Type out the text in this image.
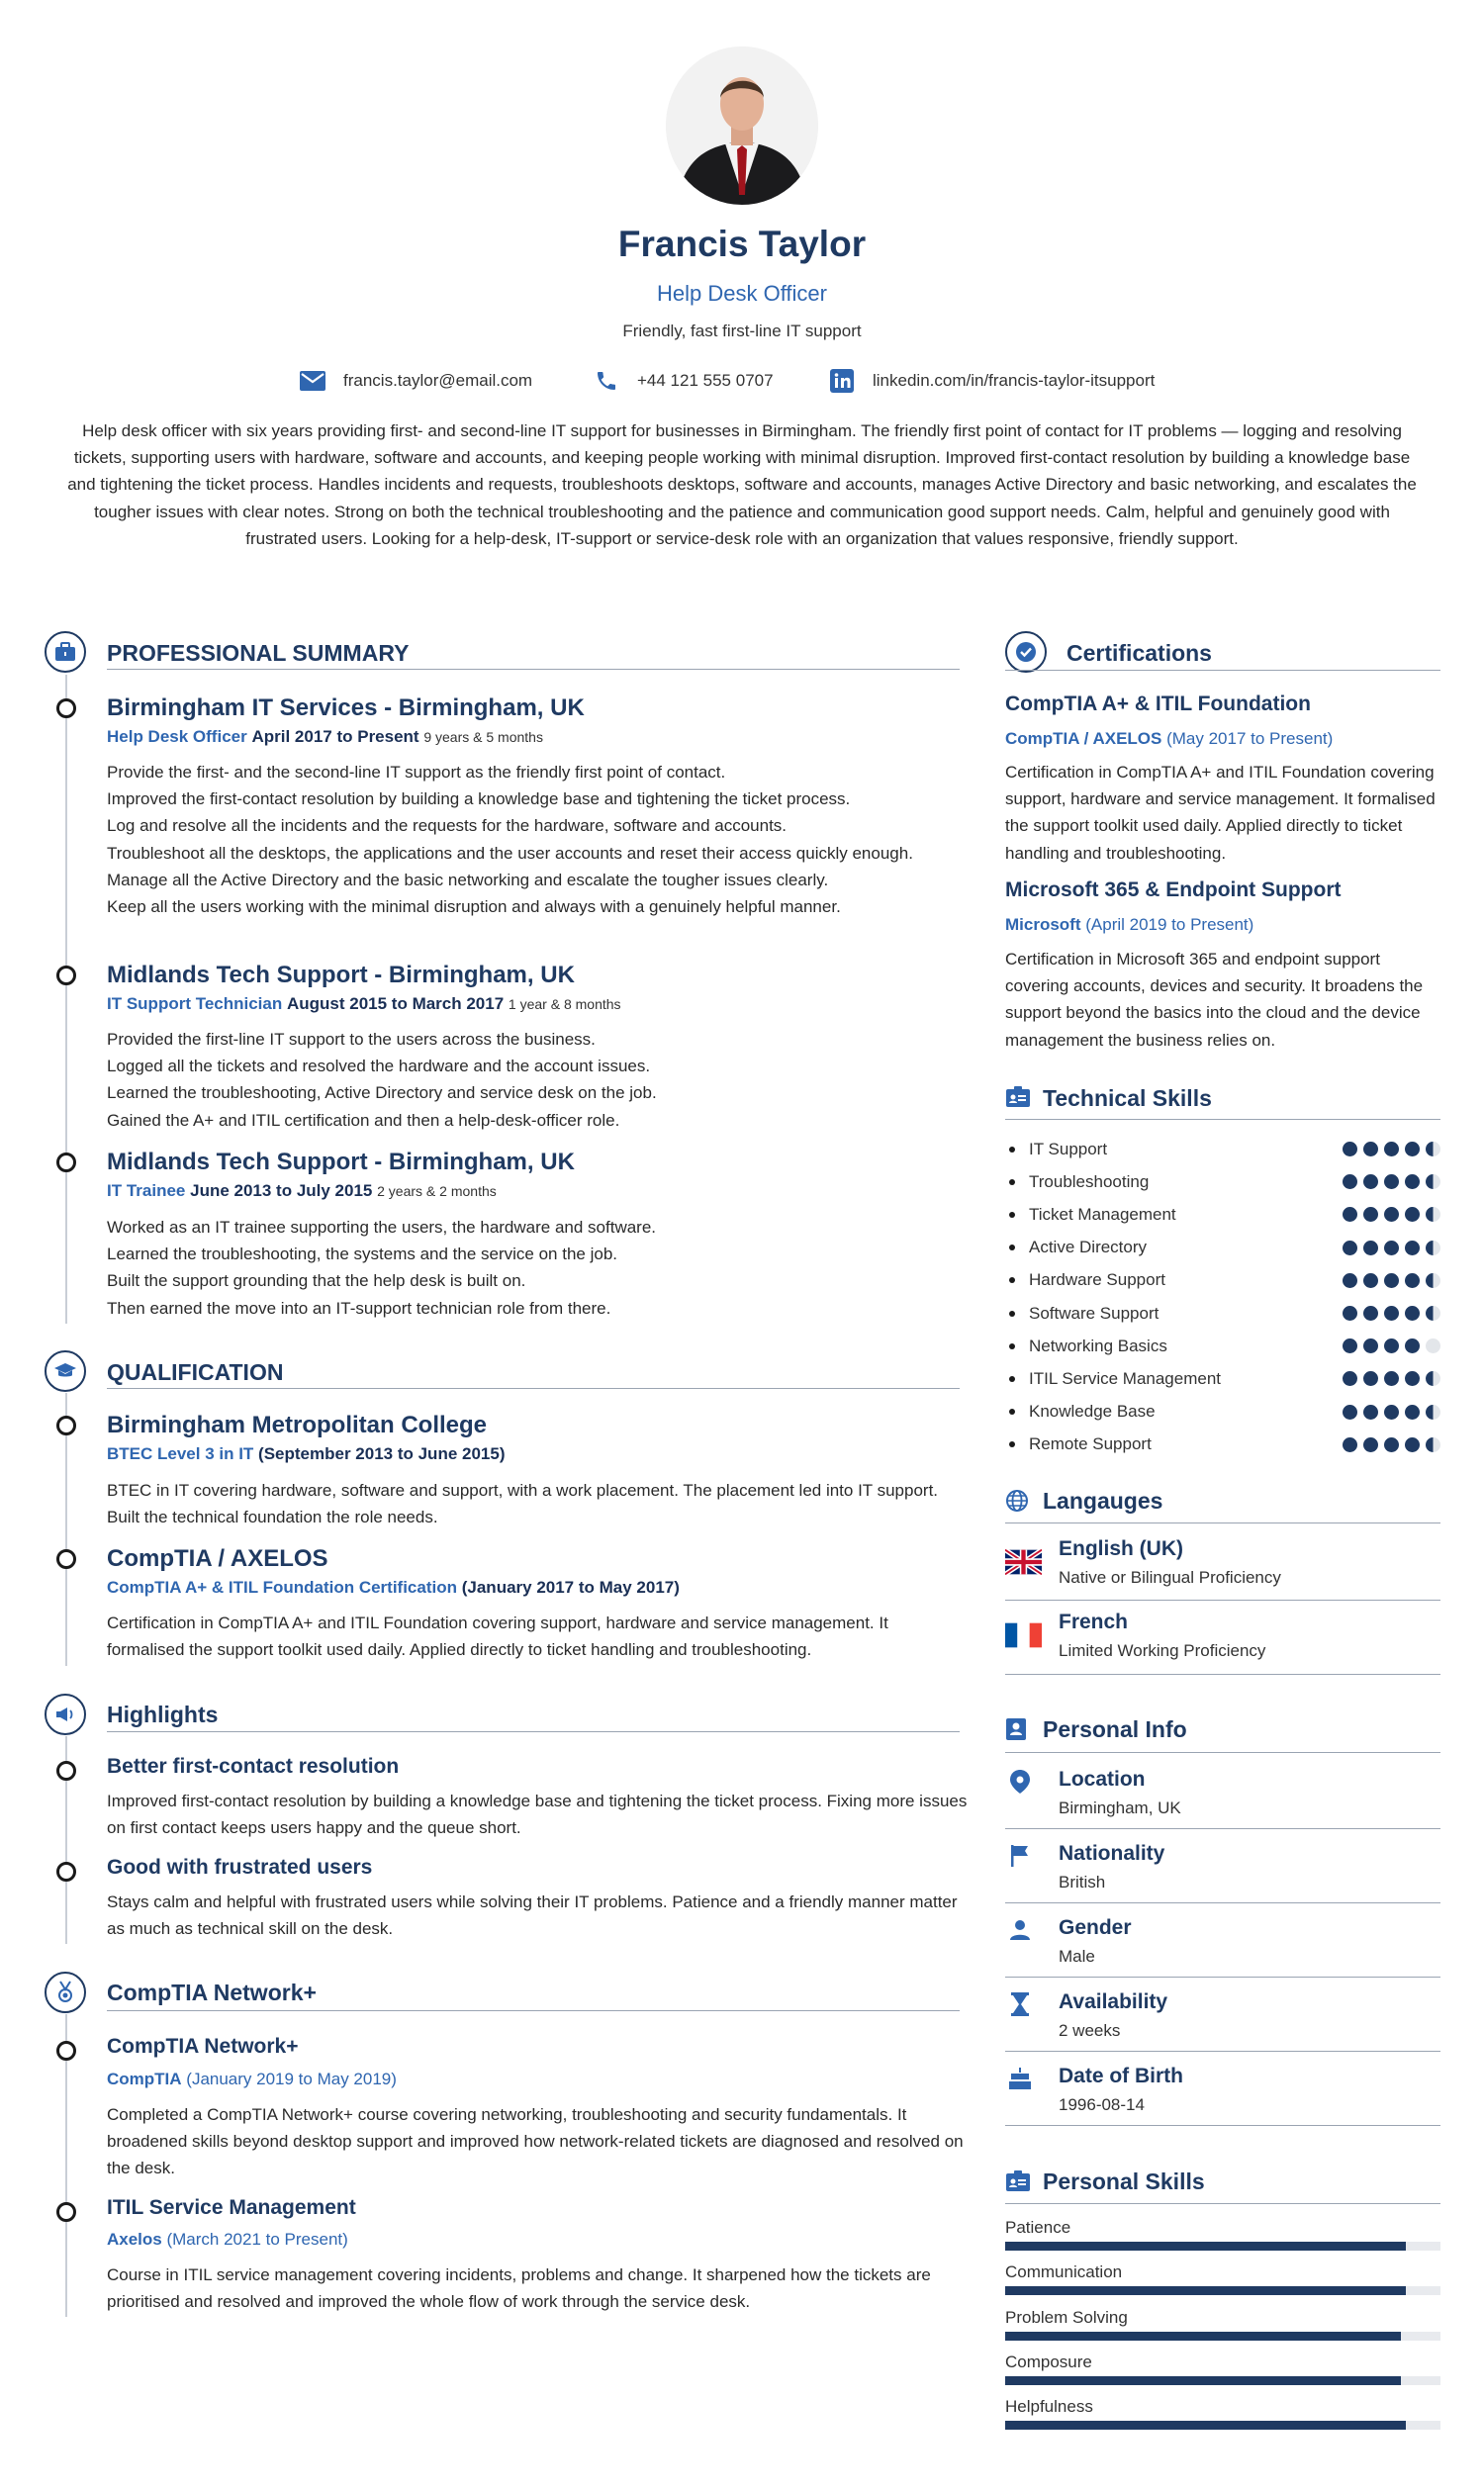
Francis Taylor
Help Desk Officer
Friendly, fast first-line IT support
francis.taylor@email.com	+44 121 555 0707	linkedin.com/in/francis-taylor-itsupport
Help desk officer with six years providing first- and second-line IT support for businesses in Birmingham. The friendly first point of contact for IT problems — logging and resolving tickets, supporting users with hardware, software and accounts, and keeping people working with minimal disruption. Improved first-contact resolution by building a knowledge base and tightening the ticket process. Handles incidents and requests, troubleshoots desktops, software and accounts, manages Active Directory and basic networking, and escalates the tougher issues with clear notes. Strong on both the technical troubleshooting and the patience and communication good support needs. Calm, helpful and genuinely good with frustrated users. Looking for a help-desk, IT-support or service-desk role with an organization that values responsive, friendly support.
PROFESSIONAL SUMMARY
Birmingham IT Services - Birmingham, UK
Help Desk Officer April 2017 to Present 9 years & 5 months
Provide the first- and the second-line IT support as the friendly first point of contact.
Improved the first-contact resolution by building a knowledge base and tightening the ticket process.
Log and resolve all the incidents and the requests for the hardware, software and accounts.
Troubleshoot all the desktops, the applications and the user accounts and reset their access quickly enough.
Manage all the Active Directory and the basic networking and escalate the tougher issues clearly.
Keep all the users working with the minimal disruption and always with a genuinely helpful manner.
Midlands Tech Support - Birmingham, UK
IT Support Technician August 2015 to March 2017 1 year & 8 months
Provided the first-line IT support to the users across the business.
Logged all the tickets and resolved the hardware and the account issues.
Learned the troubleshooting, Active Directory and service desk on the job.
Gained the A+ and ITIL certification and then a help-desk-officer role.
Midlands Tech Support - Birmingham, UK
IT Trainee June 2013 to July 2015 2 years & 2 months
Worked as an IT trainee supporting the users, the hardware and software.
Learned the troubleshooting, the systems and the service on the job.
Built the support grounding that the help desk is built on.
Then earned the move into an IT-support technician role from there.
QUALIFICATION
Birmingham Metropolitan College
BTEC Level 3 in IT (September 2013 to June 2015)
BTEC in IT covering hardware, software and support, with a work placement. The placement led into IT support. Built the technical foundation the role needs.
CompTIA / AXELOS
CompTIA A+ & ITIL Foundation Certification (January 2017 to May 2017)
Certification in CompTIA A+ and ITIL Foundation covering support, hardware and service management. It formalised the support toolkit used daily. Applied directly to ticket handling and troubleshooting.
Highlights
Better first-contact resolution
Improved first-contact resolution by building a knowledge base and tightening the ticket process. Fixing more issues on first contact keeps users happy and the queue short.
Good with frustrated users
Stays calm and helpful with frustrated users while solving their IT problems. Patience and a friendly manner matter as much as technical skill on the desk.
CompTIA Network+
CompTIA Network+
CompTIA (January 2019 to May 2019)
Completed a CompTIA Network+ course covering networking, troubleshooting and security fundamentals. It broadened skills beyond desktop support and improved how network-related tickets are diagnosed and resolved on the desk.
ITIL Service Management
Axelos (March 2021 to Present)
Course in ITIL service management covering incidents, problems and change. It sharpened how the tickets are prioritised and resolved and improved the whole flow of work through the service desk.
Certifications
CompTIA A+ & ITIL Foundation
CompTIA / AXELOS (May 2017 to Present)
Certification in CompTIA A+ and ITIL Foundation covering support, hardware and service management. It formalised the support toolkit used daily. Applied directly to ticket handling and troubleshooting.
Microsoft 365 & Endpoint Support
Microsoft (April 2019 to Present)
Certification in Microsoft 365 and endpoint support covering accounts, devices and security. It broadens the support beyond the basics into the cloud and the device management the business relies on.
Technical Skills
IT Support
Troubleshooting
Ticket Management
Active Directory
Hardware Support
Software Support
Networking Basics
ITIL Service Management
Knowledge Base
Remote Support
Langauges
English (UK)
Native or Bilingual Proficiency
French
Limited Working Proficiency
Personal Info
Location
Birmingham, UK
Nationality
British
Gender
Male
Availability
2 weeks
Date of Birth
1996-08-14
Personal Skills
Patience
Communication
Problem Solving
Composure
Helpfulness
